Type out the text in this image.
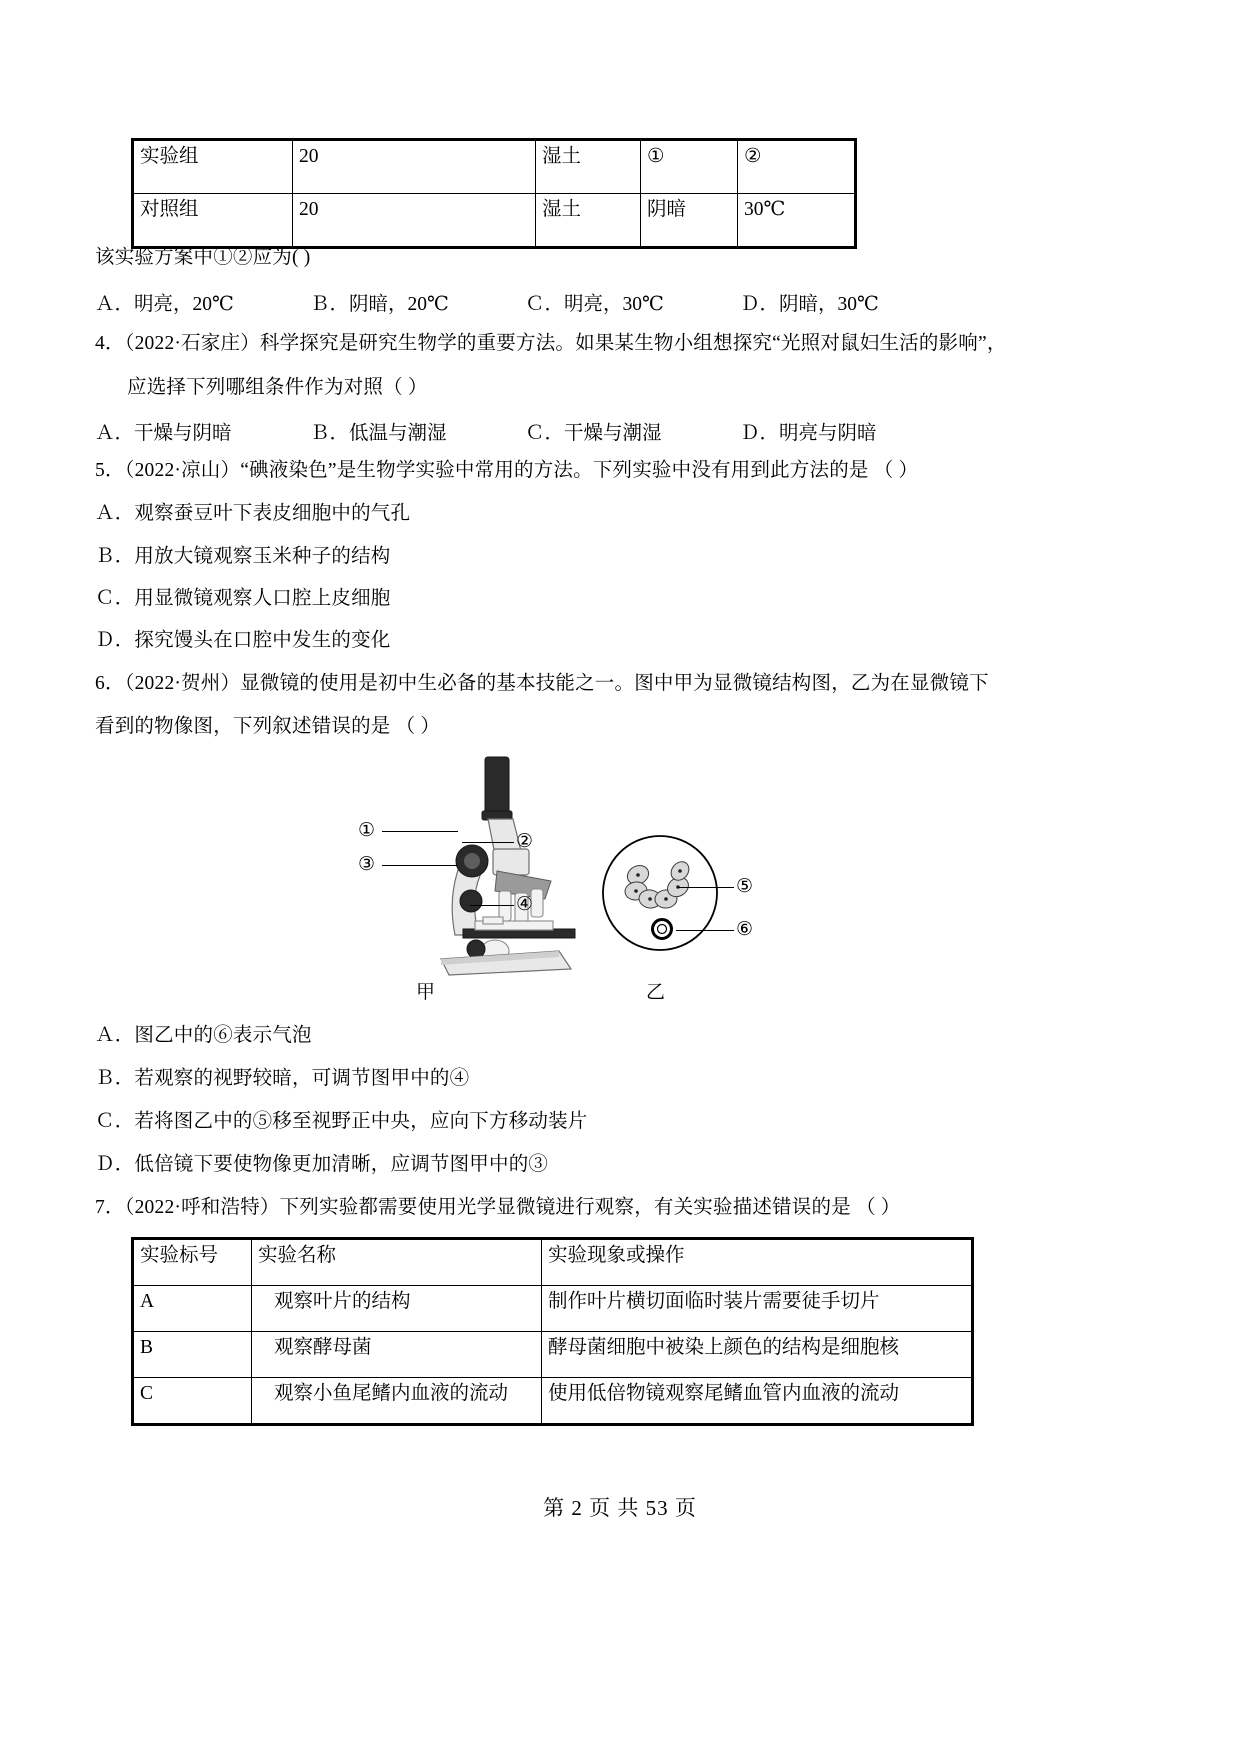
实验组	20	湿土	①	②
对照组	20	湿土	阴暗	30℃
该实验方案中①②应为( )
Ａ．明亮，20℃	Ｂ．阴暗，20℃	Ｃ．明亮，30℃	Ｄ．阴暗，30℃
4．（2022·石家庄）科学探究是研究生物学的重要方法。如果某生物小组想探究“光照对鼠妇生活的影响”，
应选择下列哪组条件作为对照（ ）
Ａ．干燥与阴暗	Ｂ．低温与潮湿	Ｃ．干燥与潮湿	Ｄ．明亮与阴暗
5．（2022·凉山）“碘液染色”是生物学实验中常用的方法。下列实验中没有用到此方法的是 （ ）
Ａ．观察蚕豆叶下表皮细胞中的气孔
Ｂ．用放大镜观察玉米种子的结构
Ｃ．用显微镜观察人口腔上皮细胞
Ｄ．探究馒头在口腔中发生的变化
6．（2022·贺州）显微镜的使用是初中生必备的基本技能之一。图中甲为显微镜结构图，乙为在显微镜下
看到的物像图，下列叙述错误的是 （ ）
①
③
②
④
甲
⑤
⑥
乙
Ａ．图乙中的⑥表示气泡
Ｂ．若观察的视野较暗，可调节图甲中的④
Ｃ．若将图乙中的⑤移至视野正中央，应向下方移动装片
Ｄ．低倍镜下要使物像更加清晰，应调节图甲中的③
7．（2022·呼和浩特）下列实验都需要使用光学显微镜进行观察，有关实验描述错误的是 （ ）
实验标号	实验名称	实验现象或操作
A	观察叶片的结构	制作叶片横切面临时装片需要徒手切片
B	观察酵母菌	酵母菌细胞中被染上颜色的结构是细胞核
C	观察小鱼尾鳍内血液的流动	使用低倍物镜观察尾鳍血管内血液的流动
第 2 页 共 53 页
